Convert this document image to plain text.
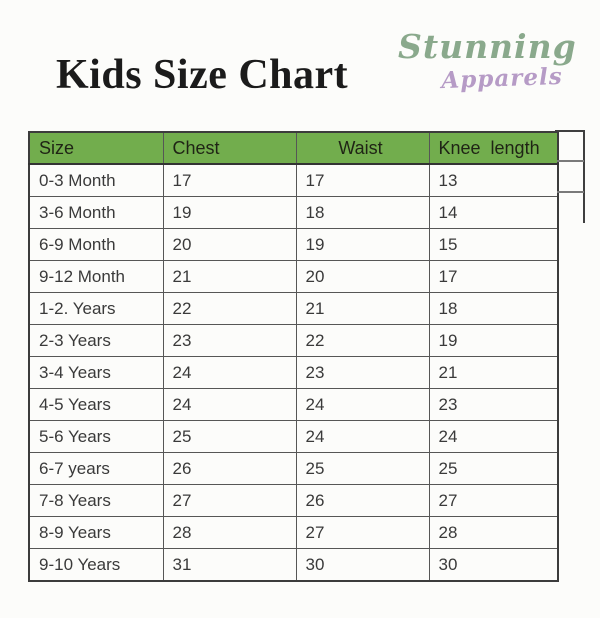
Kids Size Chart
Stunning
Apparels
Size	Chest	Waist	Knee  length
0-3 Month	17	17	13
3-6 Month	19	18	14
6-9 Month	20	19	15
9-12 Month	21	20	17
1-2. Years	22	21	18
2-3 Years	23	22	19
3-4 Years	24	23	21
4-5 Years	24	24	23
5-6 Years	25	24	24
6-7 years	26	25	25
7-8 Years	27	26	27
8-9 Years	28	27	28
9-10 Years	31	30	30
